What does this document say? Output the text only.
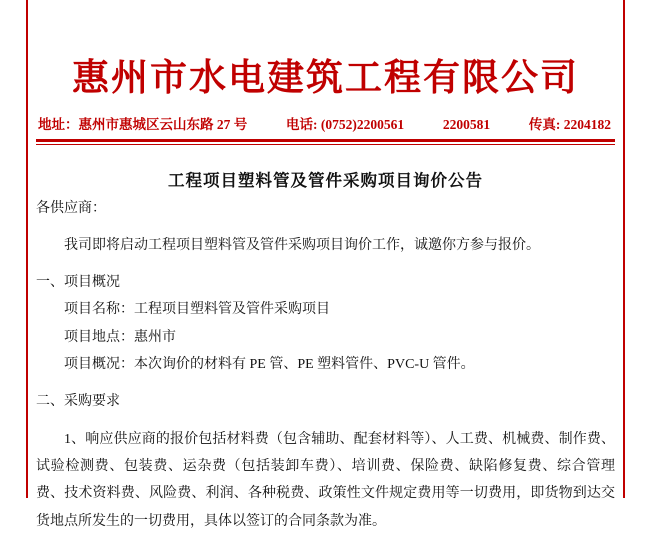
惠州市水电建筑工程有限公司
地址：惠州市惠城区云山东路 27 号	电话: (0752)2200561	2200581	传真: 2204182
工程项目塑料管及管件采购项目询价公告
各供应商：
我司即将启动工程项目塑料管及管件采购项目询价工作，诚邀你方参与报价。
一、项目概况
项目名称：工程项目塑料管及管件采购项目
项目地点：惠州市
项目概况：本次询价的材料有 PE 管、PE 塑料管件、PVC-U 管件。
二、采购要求
1、响应供应商的报价包括材料费（包含辅助、配套材料等）、人工费、机械费、制作费、试验检测费、包装费、运杂费（包括装卸车费）、培训费、保险费、缺陷修复费、综合管理费、技术资料费、风险费、利润、各种税费、政策性文件规定费用等一切费用，即货物到达交货地点所发生的一切费用，具体以签订的合同条款为准。
